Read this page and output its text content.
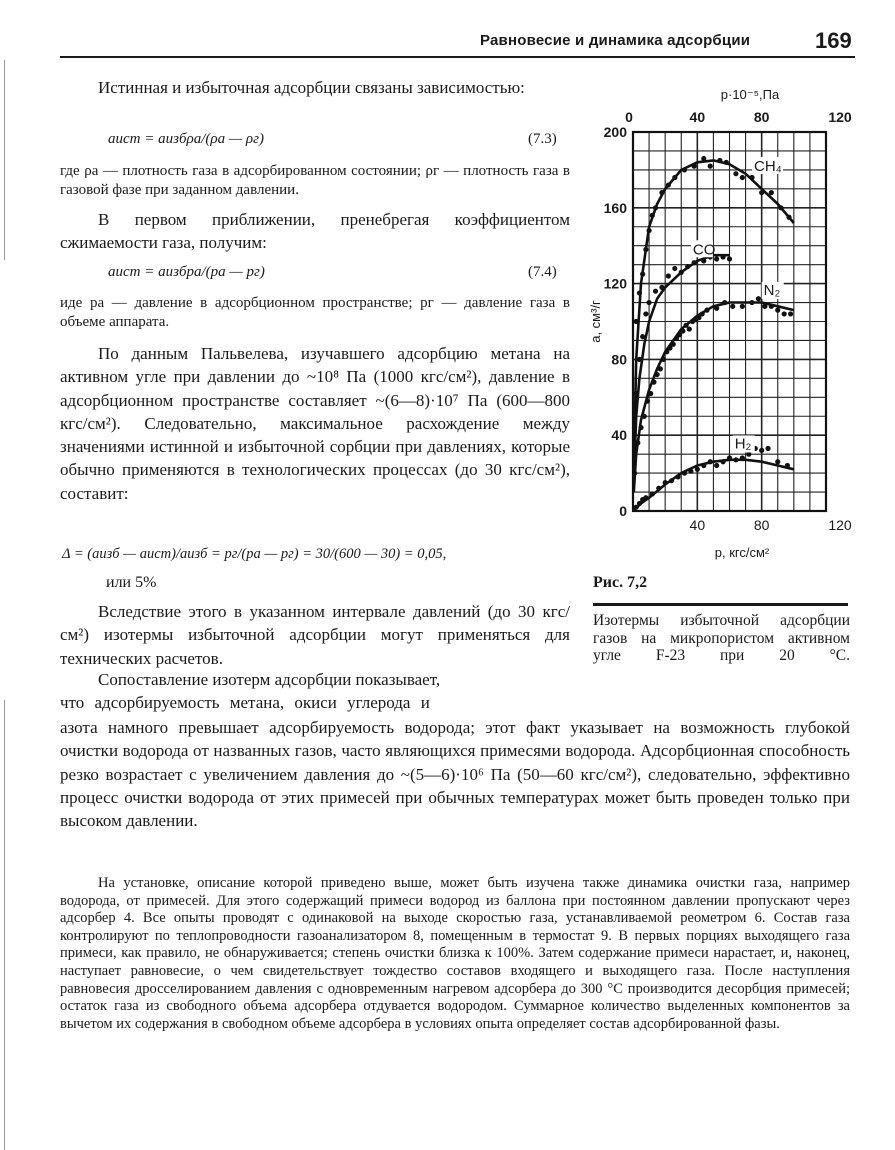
Равновесие и динамика адсорбции	169

Истинная и избыточная адсорбции связаны зависимостью:

aист = aизбρа/(ρа — ρг)	(7.3)

где ρа — плотность газа в адсорбированном состоянии; ρг — плотность газа в газовой фазе при заданном давлении.

В первом приближении, пренебрегая коэффициентом сжимаемости газа, получим:

aист = aизбpа/(pа — pг)	(7.4)

иде pа — давление в адсорбционном пространстве; pг — давление газа в объеме аппарата.

По данным Пальвелева, изучавшего адсорбцию метана на активном угле при давлении до ~10⁸ Па (1000 кгс/см²), давление в адсорбционном пространстве составляет ~(6—8)·10⁷ Па (600—800 кгс/см²). Следовательно, максимальное расхождение между значениями истинной и избыточной сорбции при давлениях, которые обычно применяются в технологических процессах (до 30 кгс/см²), составит:

Δ = (aизб — aист)/aизб = pг/(pа — pг) = 30/(600 — 30) = 0,05,
или 5%

Вследствие этого в указанном интервале давлений (до 30 кгс/см²) изотермы избыточной адсорбции могут применяться для технических расчетов.

Сопоставление изотерм адсорбции показывает,
что адсорбируемость метана, окиси углерода и

азота намного превышает адсорбируемость водорода; этот факт указывает на возможность глубокой очистки водорода от названных газов, часто являющихся примесями водорода. Адсорбционная способность резко возрастает с увеличением давления до ~(5—6)·10⁶ Па (50—60 кгс/см²), следовательно, эффективно процесс очистки водорода от этих примесей при обычных температурах может быть проведен только при высоком давлении.

На установке, описание которой приведено выше, может быть изучена также динамика очистки газа, например водорода, от примесей. Для этого содержащий примеси водород из баллона при постоянном давлении пропускают через адсорбер 4. Все опыты проводят с одинаковой на выходе скоростью газа, устанавливаемой реометром 6. Состав газа контролируют по теплопроводности газоанализатором 8, помещенным в термостат 9. В первых порциях выходящего газа примеси, как правило, не обнаруживается; степень очистки близка к 100%. Затем содержание примеси нарастает, и, наконец, наступает равновесие, о чем свидетельствует тождество составов входящего и выходящего газа. После наступления равновесия дросселированием давления с одновременным нагревом адсорбера до 300 °C производится десорбция примесей; остаток газа из свободного объема адсорбера отдувается водородом. Суммарное количество выделенных компонентов за вычетом их содержания в свободном объеме адсорбера в условиях опыта определяет состав адсорбированной фазы.

Рис. 7,2
Изотермы избыточной адсорбции газов на микропористом активном угле F-23 при 20 °C.
0
40
80
120
160
200
40	80	120
0	40	80	120
p·10⁻⁵,Па
p, кгс/см²
a, см³/г
CH₄
CO
N₂
H₂
